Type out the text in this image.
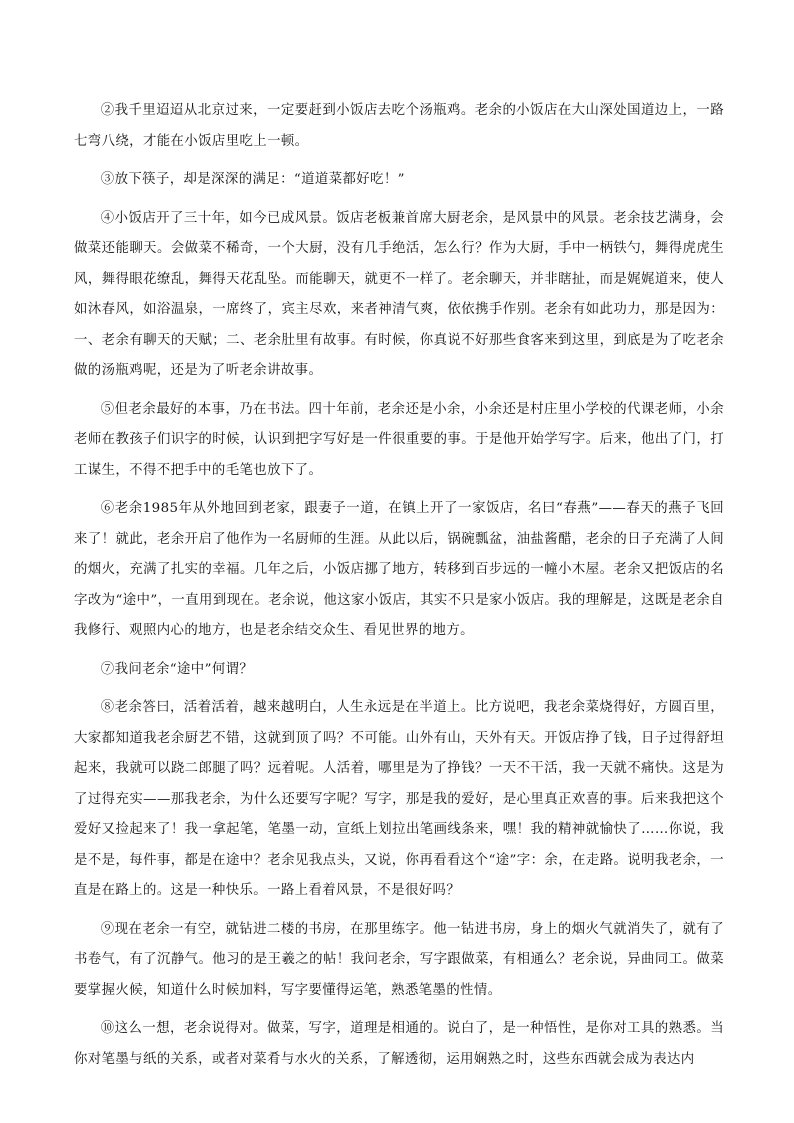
②我千里迢迢从北京过来，一定要赶到小饭店去吃个汤瓶鸡。老余的小饭店在大山深处国道边上，一路七弯八绕，才能在小饭店里吃上一顿。

③放下筷子，却是深深的满足：“道道菜都好吃！”

④小饭店开了三十年，如今已成风景。饭店老板兼首席大厨老余，是风景中的风景。老余技艺满身，会做菜还能聊天。会做菜不稀奇，一个大厨，没有几手绝活，怎么行？作为大厨，手中一柄铁勺，舞得虎虎生风，舞得眼花缭乱，舞得天花乱坠。而能聊天，就更不一样了。老余聊天，并非瞎扯，而是娓娓道来，使人如沐春风，如浴温泉，一席终了，宾主尽欢，来者神清气爽，依依携手作别。老余有如此功力，那是因为：一、老余有聊天的天赋；二、老余肚里有故事。有时候，你真说不好那些食客来到这里，到底是为了吃老余做的汤瓶鸡呢，还是为了听老余讲故事。

⑤但老余最好的本事，乃在书法。四十年前，老余还是小余，小余还是村庄里小学校的代课老师，小余老师在教孩子们识字的时候，认识到把字写好是一件很重要的事。于是他开始学写字。后来，他出了门，打工谋生，不得不把手中的毛笔也放下了。

⑥老余1985年从外地回到老家，跟妻子一道，在镇上开了一家饭店，名曰“春燕”——春天的燕子飞回来了！就此，老余开启了他作为一名厨师的生涯。从此以后，锅碗瓢盆，油盐酱醋，老余的日子充满了人间的烟火，充满了扎实的幸福。几年之后，小饭店挪了地方，转移到百步远的一幢小木屋。老余又把饭店的名字改为“途中”，一直用到现在。老余说，他这家小饭店，其实不只是家小饭店。我的理解是，这既是老余自我修行、观照内心的地方，也是老余结交众生、看见世界的地方。

⑦我问老余“途中”何谓？

⑧老余答曰，活着活着，越来越明白，人生永远是在半道上。比方说吧，我老余菜烧得好，方圆百里，大家都知道我老余厨艺不错，这就到顶了吗？不可能。山外有山，天外有天。开饭店挣了钱，日子过得舒坦起来，我就可以跷二郎腿了吗？远着呢。人活着，哪里是为了挣钱？一天不干活，我一天就不痛快。这是为了过得充实——那我老余，为什么还要写字呢？写字，那是我的爱好，是心里真正欢喜的事。后来我把这个爱好又捡起来了！我一拿起笔，笔墨一动，宣纸上划拉出笔画线条来，嘿！我的精神就愉快了……你说，我是不是，每件事，都是在途中？老余见我点头，又说，你再看看这个“途”字：余，在走路。说明我老余，一直是在路上的。这是一种快乐。一路上看着风景，不是很好吗？

⑨现在老余一有空，就钻进二楼的书房，在那里练字。他一钻进书房，身上的烟火气就消失了，就有了书卷气，有了沉静气。他习的是王羲之的帖！我问老余，写字跟做菜，有相通么？老余说，异曲同工。做菜要掌握火候，知道什么时候加料，写字要懂得运笔，熟悉笔墨的性情。

⑩这么一想，老余说得对。做菜，写字，道理是相通的。说白了，是一种悟性，是你对工具的熟悉。当你对笔墨与纸的关系，或者对菜肴与水火的关系，了解透彻，运用娴熟之时，这些东西就会成为表达内
